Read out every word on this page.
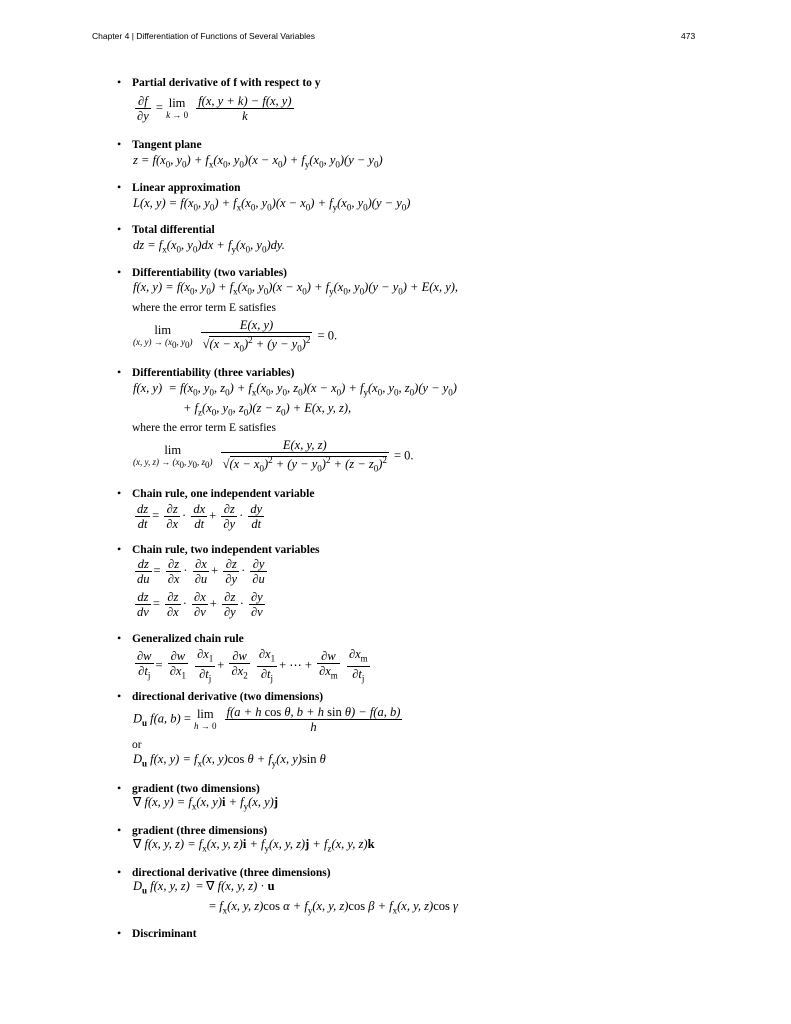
Chapter 4 | Differentiation of Functions of Several Variables	473
• Partial derivative of f with respect to y
$\frac{\partial f}{\partial y} = \lim$
k → 0
$\frac{f(x, y + k) - f(x, y)}{k}$
• Tangent plane
$z = f(x_0$, $y_0) + f_x(x_0$, $y_0)(x - x_0) + f_y(x_0$, $y_0)(y - y_0)$
• Linear approximation
L(x, $y) = f(x_0$, $y_0) + f_x(x_0$, $y_0)(x - x_0) + f_y(x_0$, $y_0)(y - y_0)$
• Total differential
dz = $f_x(x_0$, $y_0)dx + f_y(x_0$, $y_0)dy$.
• Differentiability (two variables)
f(x, $y) = f(x_0$, $y_0) + f_x(x_0$, $y_0)(x - x_0) + f_y(x_0$, $y_0)(y - y_0) + E(x$, y),
where the error term E satisfies
lim
(x, $y) \to (x_0$, $y_0$)
$\frac{E(x, y)}{√(x - x_0)^2 + (y - y_0)^2} = 0$.
• Differentiability (three variables)
f(x, $y) = f(x_0$, $y_0$, $z_0) + f_x(x_0$, $y_0$, $z_0)(x - x_0) + f_y(x_0$, $y_0$, $z_0)(y - y_0)$
+ $f_z(x_0$, $y_0$, $z_0)(z - z_0) + E(x$, y, z),
where the error term E satisfies
lim
(x, y, $z) \to (x_0$, $y_0$, $z_0$)
$\frac{E(x, y, z)}{√(x - x_0)^2 + (y - y_0)^2 + (z - z_0)^2} = 0$.
• Chain rule, one independent variable
$\frac{dz}{dt} = \frac{\partial z}{\partial x} \cdot \frac{dx}{dt} + \frac{\partial z}{\partial y} \cdot \frac{dy}{dt}$
• Chain rule, two independent variables
$\frac{dz}{du} = \frac{\partial z}{\partial x} \cdot \frac{\partial x}{\partial u} + \frac{\partial z}{\partial y} \cdot \frac{\partial y}{\partial u}$
$\frac{dz}{dv} = \frac{\partial z}{\partial x} \cdot \frac{\partial x}{\partial v} + \frac{\partial z}{\partial y} \cdot \frac{\partial y}{\partial v}$
• Generalized chain rule
$\frac{\partial w}{\partial t_j} = \frac{\partial w}{\partial x_1}$
$\frac{\partial x_1}{\partial t_j} + \frac{\partial w}{\partial x_2}$
$\frac{\partial x_1}{\partial t_j}$ + ⋯ + $\frac{\partial w}{\partial x_m}$
$\frac{\partial x_m}{\partial t_j}$
• directional derivative (two dimensions)
$D_u$ f(a, b) = lim
h → 0
$\frac{\text{f(a + h cos θ, b + h sin θ) − f(a, b)}}{h}$
or
$D_u$ f(x, $y) = f_x(x$, y)cos $\theta + f_y(x$, y)sin θ
• gradient (two dimensions)
∇ f(x, $y) = f_x(x$, $y)i + f_y(x$, y)j
• gradient (three dimensions)
∇ f(x, y, $z) = f_x(x$, y, $z)i + f_y(x$, y, $z)j + f_z(x$, y, z)k
• directional derivative (three dimensions)
$D_u$ f(x, y, z)  = ∇ f(x, y, z) · u
= $f_x(x$, y, z)cos $\alpha + f_y(x$, y, z)cos $\beta + f_x(x$, y, z)cos γ
• Discriminant
